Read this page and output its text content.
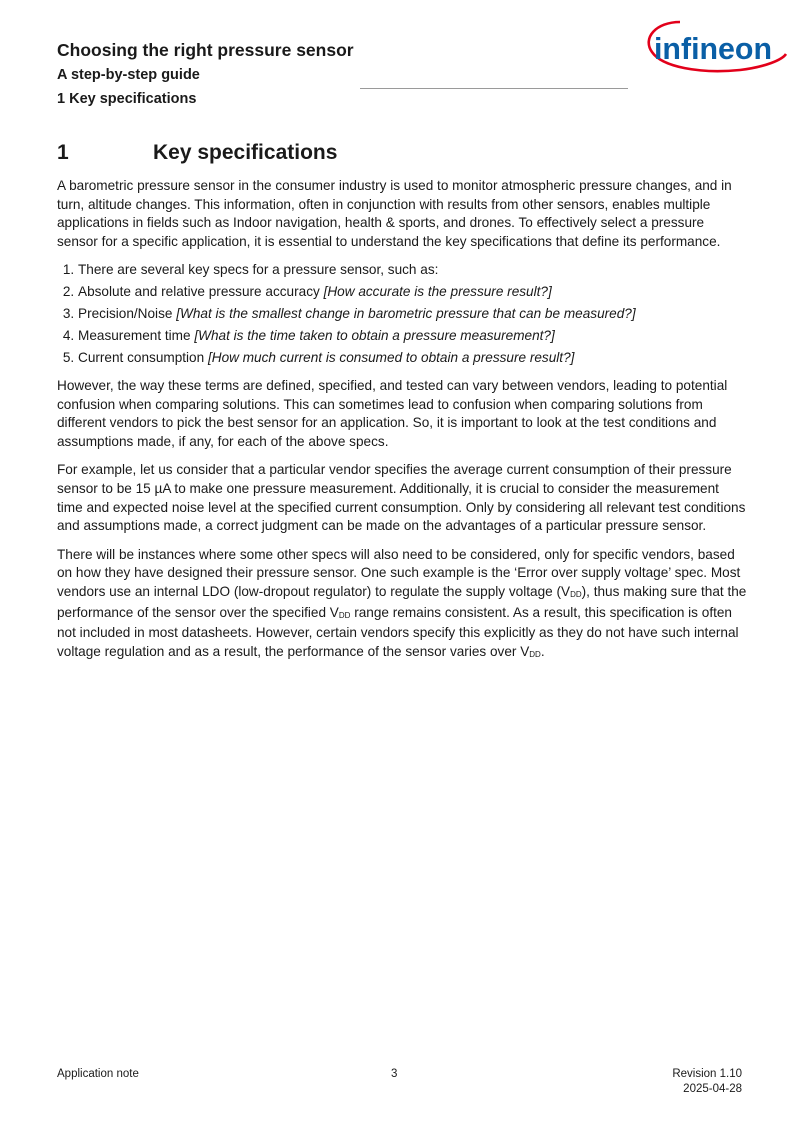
Choosing the right pressure sensor
A step-by-step guide
1 Key specifications
infineon
1	Key specifications

A barometric pressure sensor in the consumer industry is used to monitor atmospheric pressure changes, and in turn, altitude changes. This information, often in conjunction with results from other sensors, enables multiple applications in fields such as Indoor navigation, health & sports, and drones. To effectively select a pressure sensor for a specific application, it is essential to understand the key specifications that define its performance.

1. There are several key specs for a pressure sensor, such as:
2. Absolute and relative pressure accuracy [How accurate is the pressure result?]
3. Precision/Noise [What is the smallest change in barometric pressure that can be measured?]
4. Measurement time [What is the time taken to obtain a pressure measurement?]
5. Current consumption [How much current is consumed to obtain a pressure result?]

However, the way these terms are defined, specified, and tested can vary between vendors, leading to potential confusion when comparing solutions. This can sometimes lead to confusion when comparing solutions from different vendors to pick the best sensor for an application. So, it is important to look at the test conditions and assumptions made, if any, for each of the above specs.

For example, let us consider that a particular vendor specifies the average current consumption of their pressure sensor to be 15 µA to make one pressure measurement. Additionally, it is crucial to consider the measurement time and expected noise level at the specified current consumption. Only by considering all relevant test conditions and assumptions made, a correct judgment can be made on the advantages of a particular pressure sensor.

There will be instances where some other specs will also need to be considered, only for specific vendors, based on how they have designed their pressure sensor. One such example is the ‘Error over supply voltage’ spec. Most vendors use an internal LDO (low-dropout regulator) to regulate the supply voltage $(V_{DD})$, thus making sure that the performance of the sensor over the specified $V_{DD}$ range remains consistent. As a result, this specification is often not included in most datasheets. However, certain vendors specify this explicitly as they do not have such internal voltage regulation and as a result, the performance of the sensor varies over $V_{DD}$.

Application note	3	Revision 1.10
2025-04-28
